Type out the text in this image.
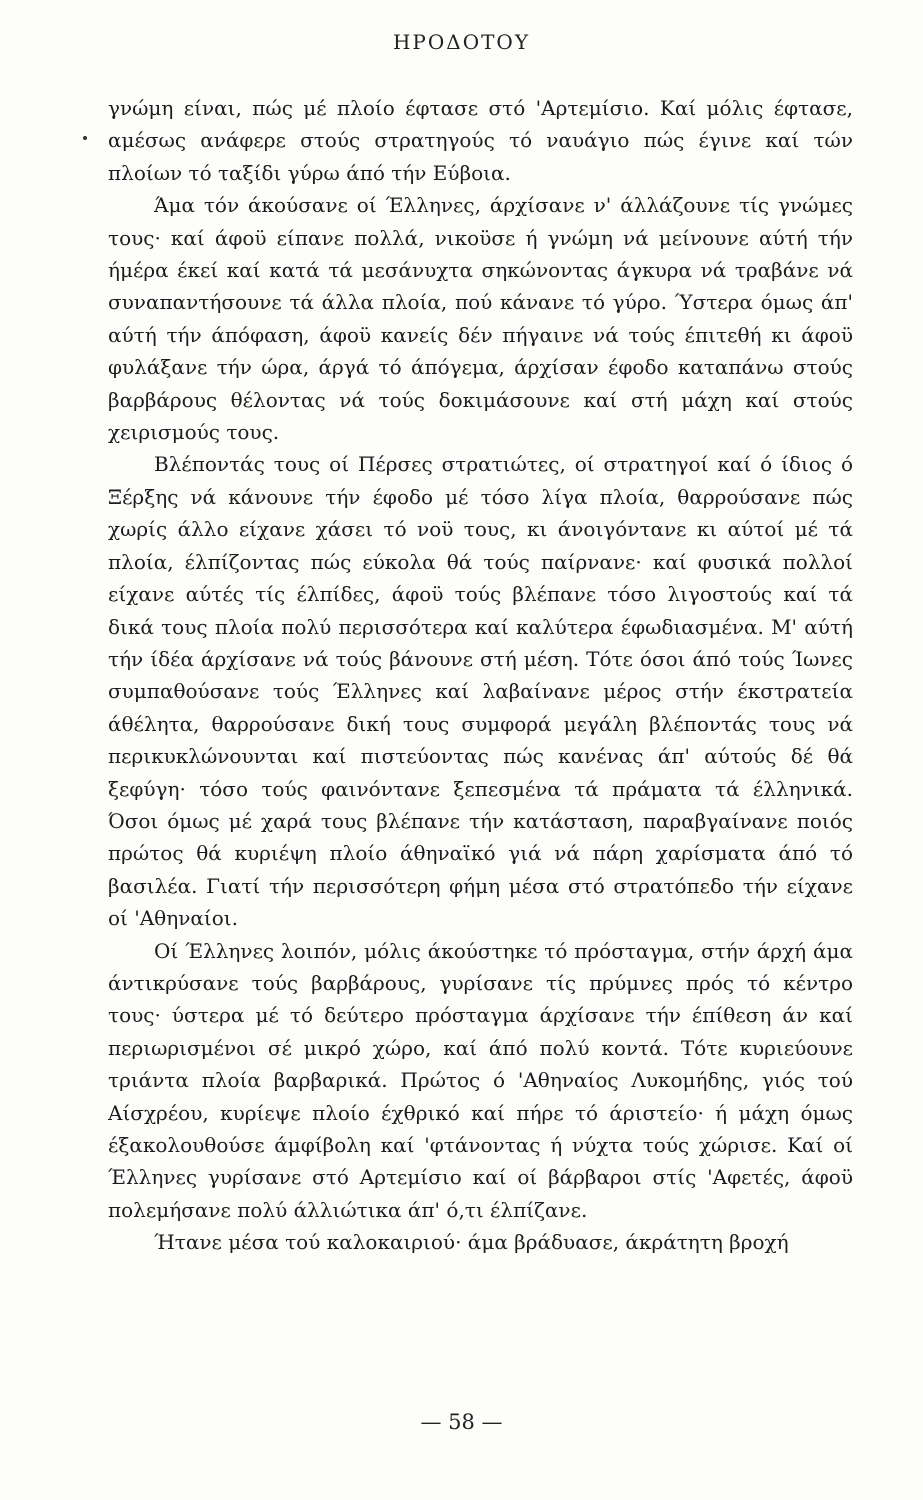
ΗΡΟΔΟΤΟΥ

γνώμη είναι, πώς μέ πλοίο έφτασε στό 'Αρτεμίσιο. Καί μόλις έφτασε, αμέσως ανάφερε στούς στρατηγούς τό ναυάγιο πώς έγινε καί τών πλοίων τό ταξίδι γύρω άπό τήν Εύβοια.

Άμα τόν άκούσανε οί Έλληνες, άρχίσανε ν' άλλάζουνε τίς γνώμες τους· καί άφοϋ είπανε πολλά, νικοϋσε ή γνώμη νά μείνουνε αύτή τήν ήμέρα έκεί καί κατά τά μεσάνυχτα σηκώνοντας άγκυρα νά τραβάνε νά συναπαντήσουνε τά άλλα πλοία, πού κάνανε τό γύρο. Ύστερα όμως άπ' αύτή τήν άπόφαση, άφοϋ κανείς δέν πήγαινε νά τούς έπιτεθή κι άφοϋ φυλάξανε τήν ώρα, άργά τό άπόγεμα, άρχίσαν έφοδο καταπάνω στούς βαρβάρους θέλοντας νά τούς δοκιμάσουνε καί στή μάχη καί στούς χειρισμούς τους.

Βλέποντάς τους οί Πέρσες στρατιώτες, οί στρατηγοί καί ό ίδιος ό Ξέρξης νά κάνουνε τήν έφοδο μέ τόσο λίγα πλοία, θαρρούσανε πώς χωρίς άλλο είχανε χάσει τό νοϋ τους, κι άνοιγόντανε κι αύτοί μέ τά πλοία, έλπίζοντας πώς εύκολα θά τούς παίρνανε· καί φυσικά πολλοί είχανε αύτές τίς έλπίδες, άφοϋ τούς βλέπανε τόσο λιγοστούς καί τά δικά τους πλοία πολύ περισσότερα καί καλύτερα έφωδιασμένα. Μ' αύτή τήν ίδέα άρχίσανε νά τούς βάνουνε στή μέση. Τότε όσοι άπό τούς Ίωνες συμπαθούσανε τούς Έλληνες καί λαβαίνανε μέρος στήν έκστρατεία άθέλητα, θαρρούσανε δική τους συμφορά μεγάλη βλέποντάς τους νά περικυκλώνουνται καί πιστεύοντας πώς κανένας άπ' αύτούς δέ θά ξεφύγη· τόσο τούς φαινόντανε ξεπεσμένα τά πράματα τά έλληνικά. Όσοι όμως μέ χαρά τους βλέπανε τήν κατάσταση, παραβγαίνανε ποιός πρώτος θά κυριέψη πλοίο άθηναϊκό γιά νά πάρη χαρίσματα άπό τό βασιλέα. Γιατί τήν περισσότερη φήμη μέσα στό στρατόπεδο τήν είχανε οί 'Αθηναίοι.

Οί Έλληνες λοιπόν, μόλις άκούστηκε τό πρόσταγμα, στήν άρχή άμα άντικρύσανε τούς βαρβάρους, γυρίσανε τίς πρύμνες πρός τό κέντρο τους· ύστερα μέ τό δεύτερο πρόσταγμα άρχίσανε τήν έπίθεση άν καί περιωρισμένοι σέ μικρό χώρο, καί άπό πολύ κοντά. Τότε κυριεύουνε τριάντα πλοία βαρβαρικά. Πρώτος ό 'Αθηναίος Λυκομήδης, γιός τού Αίσχρέου, κυρίεψε πλοίο έχθρικό καί πήρε τό άριστείο· ή μάχη όμως έξακολουθούσε άμφίβολη καί 'φτάνοντας ή νύχτα τούς χώρισε. Καί οί Έλληνες γυρίσανε στό Αρτεμίσιο καί οί βάρβαροι στίς 'Αφετές, άφοϋ πολεμήσανε πολύ άλλιώτικα άπ' ό,τι έλπίζανε.

Ήτανε μέσα τού καλοκαιριού· άμα βράδυασε, άκράτητη βροχή

— 58 —
